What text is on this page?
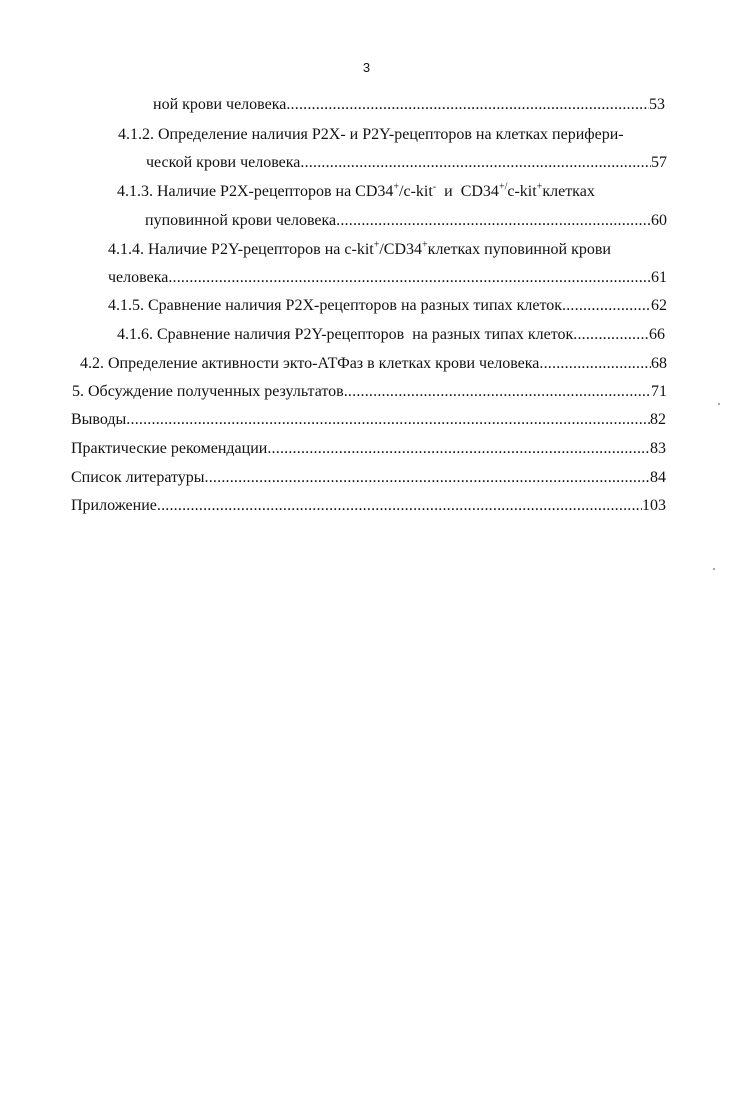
3
ной крови человека .....	53
4.1.2. Определение наличия P2X- и P2Y-рецепторов на клетках перифери-
ческой крови человека .....	57
4.1.3. Наличие P2X-рецепторов на CD34+/c-kit-  и  CD34+/c-kit+клетках
пуповинной крови человека .....	60
4.1.4. Наличие P2Y-рецепторов на c-kit+/CD34+клетках пуповинной крови
человека .....	61
4.1.5. Сравнение наличия P2X-рецепторов на разных типах клеток .....	62
4.1.6. Сравнение наличия P2Y-рецепторов  на разных типах клеток .....	66
4.2. Определение активности экто-АТФаз в клетках крови человека .....	68
5. Обсуждение полученных результатов .....	71
Выводы .....	82
Практические рекомендации .....	83
Список литературы .....	84
Приложение .....	103
